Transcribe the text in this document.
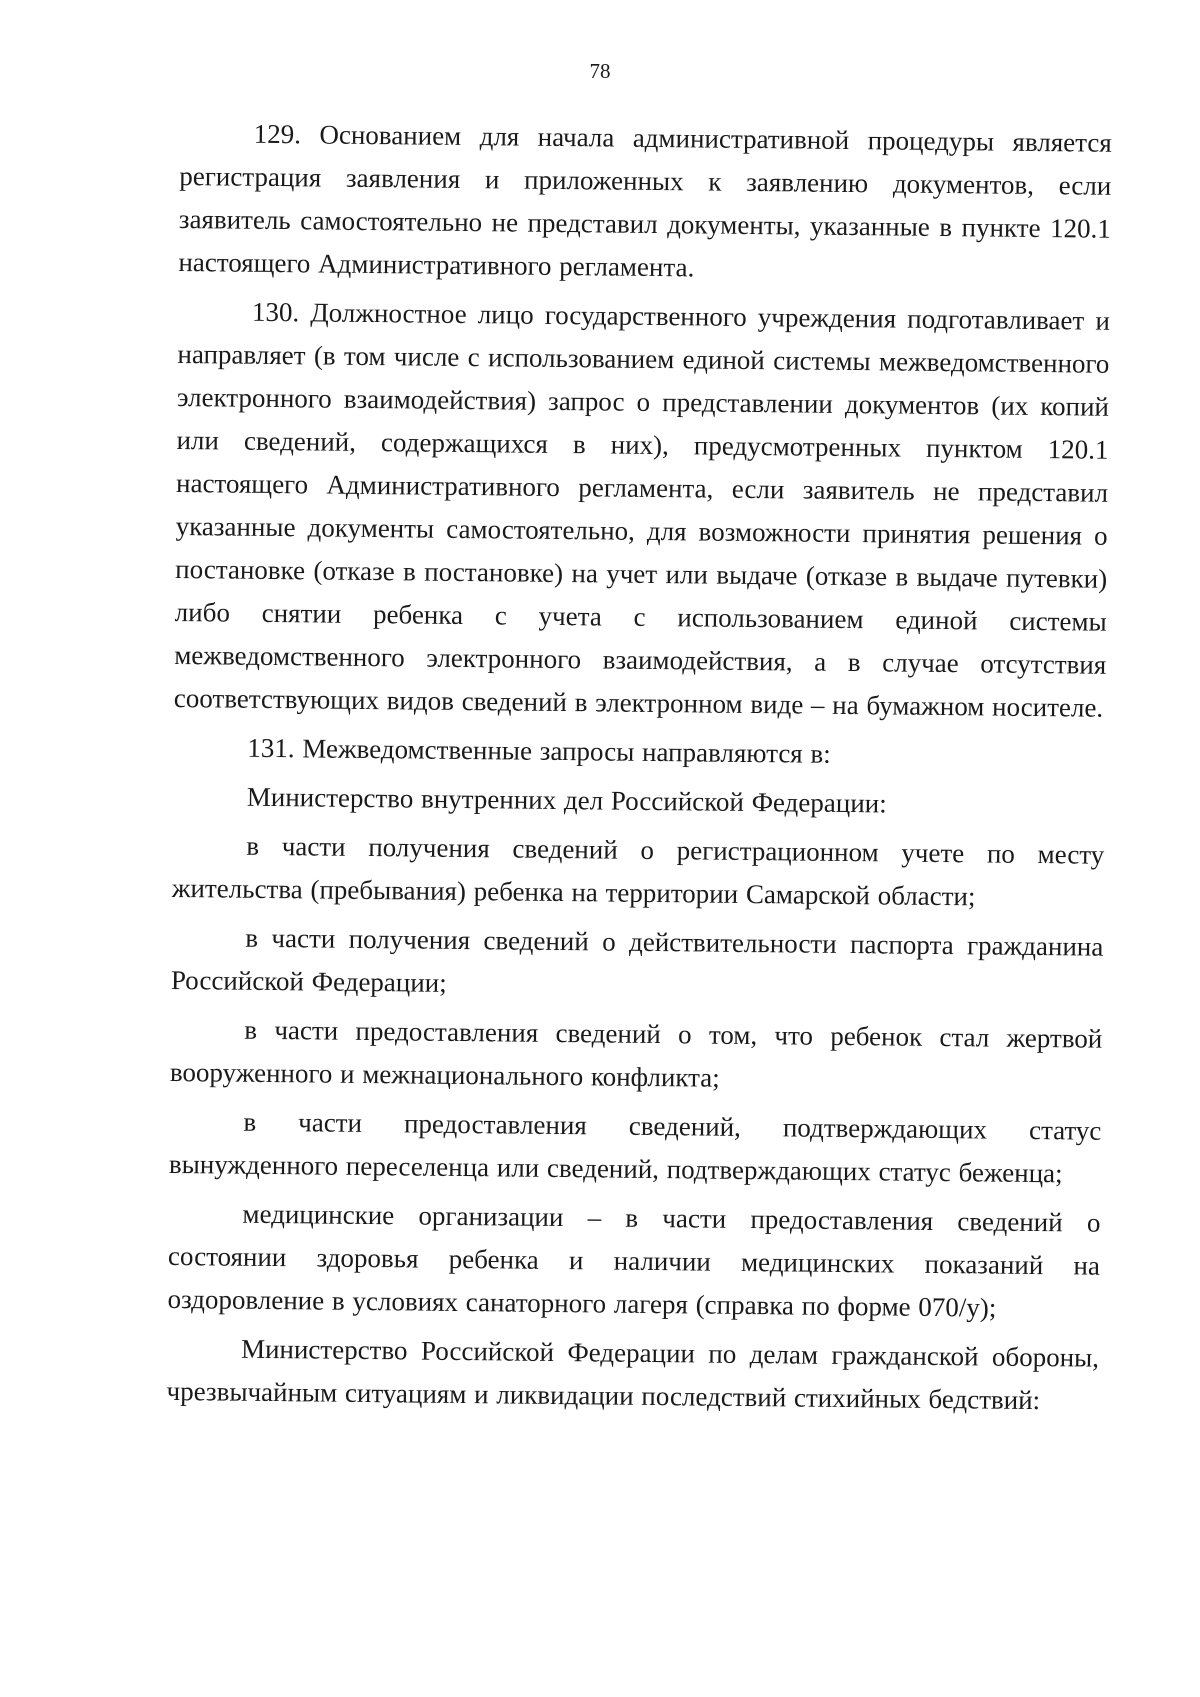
78

129. Основанием для начала административной процедуры является регистрация заявления и приложенных к заявлению документов, если заявитель самостоятельно не представил документы, указанные в пункте 120.1 настоящего Административного регламента.

130. Должностное лицо государственного учреждения подготавливает и направляет (в том числе с использованием единой системы межведомственного электронного взаимодействия) запрос о представлении документов (их копий или сведений, содержащихся в них), предусмотренных пунктом 120.1 настоящего Административного регламента, если заявитель не представил указанные документы самостоятельно, для возможности принятия решения о постановке (отказе в постановке) на учет или выдаче (отказе в выдаче путевки) либо снятии ребенка с учета с использованием единой системы межведомственного электронного взаимодействия, а в случае отсутствия соответствующих видов сведений в электронном виде – на бумажном носителе.

131. Межведомственные запросы направляются в:

Министерство внутренних дел Российской Федерации:

в части получения сведений о регистрационном учете по месту жительства (пребывания) ребенка на территории Самарской области;

в части получения сведений о действительности паспорта гражданина Российской Федерации;

в части предоставления сведений о том, что ребенок стал жертвой вооруженного и межнационального конфликта;

в части предоставления сведений, подтверждающих статус вынужденного переселенца или сведений, подтверждающих статус беженца;

медицинские организации – в части предоставления сведений о состоянии здоровья ребенка и наличии медицинских показаний на оздоровление в условиях санаторного лагеря (справка по форме 070/у);

Министерство Российской Федерации по делам гражданской обороны, чрезвычайным ситуациям и ликвидации последствий стихийных бедствий:
